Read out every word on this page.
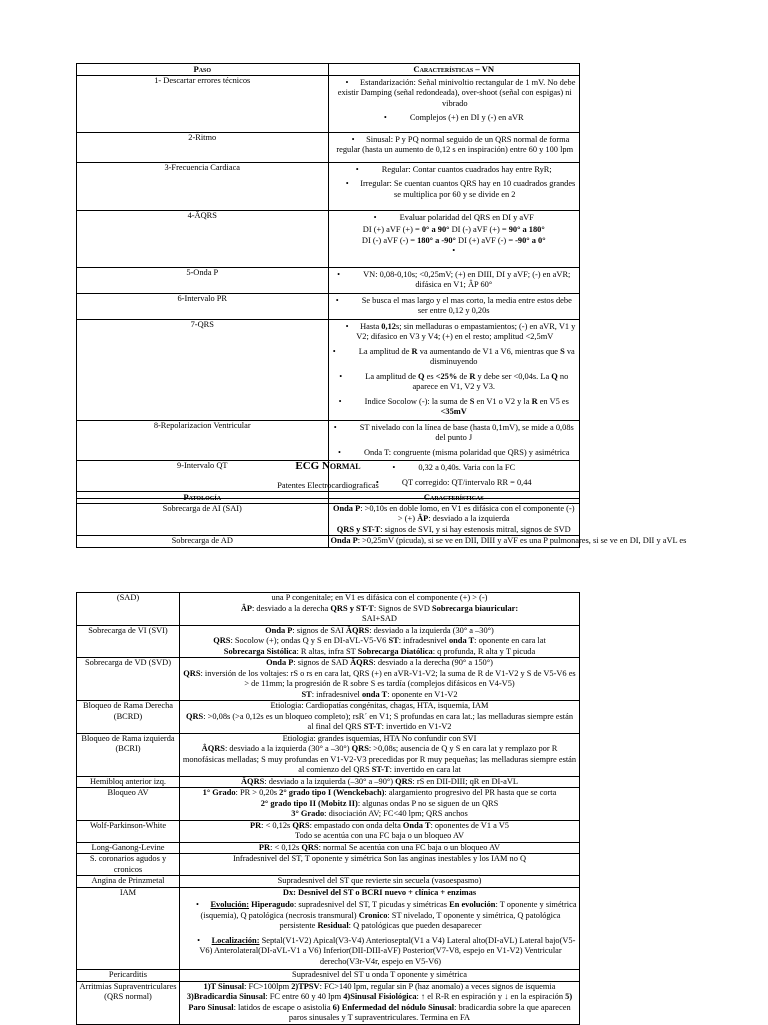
Paso	Características – VN
1- Descartar errores técnicos	• Estandarización: Señal minivoltio rectangular de 1 mV. No debe existir Damping (señal redondeada), over-shoot (señal con espigas) ni vibrado
• Complejos (+) en DI y (-) en aVR

2-Ritmo	• Sinusal: P y PQ normal seguido de un QRS normal de forma regular (hasta un aumento de 0,12 s en inspiración) entre 60 y 100 lpm

3-Frecuencia Cardiaca	• Regular: Contar cuantos cuadrados hay entre RyR;
• Irregular: Se cuentan cuantos QRS hay en 10 cuadrados grandes se multiplica por 60 y se divide en 2

4-ÂQRS	• Evaluar polaridad del QRS en DI y aVF
DI (+) aVF (+) = 0° a 90° DI (-) aVF (+) = 90° a 180°
DI (-) aVF (-) = 180° a -90° DI (+) aVF (-) = -90° a 0°
•

5-Onda P	• VN: 0,08-0,10s; <0,25mV; (+) en DIII, DI y aVF; (-) en aVR; difásica en V1; ÂP 60°

6-Intervalo PR	• Se busca el mas largo y el mas corto, la media entre estos debe ser entre 0,12 y 0,20s

7-QRS	• Hasta 0,12s; sin melladuras o empastamientos; (-) en aVR, V1 y V2; difasico en V3 y V4; (+) en el resto; amplitud <2,5mV
• La amplitud de R va aumentando de V1 a V6, mientras que S va disminuyendo
• La amplitud de Q es <25% de R y debe ser <0,04s. La Q no aparece en V1, V2 y V3.
• Indice Socolow (-): la suma de S en V1 o V2 y la R en V5 es <35mV

8-Repolarizacion Ventricular	• ST nivelado con la línea de base (hasta 0,1mV), se mide a 0,08s del punto J
• Onda T: congruente (misma polaridad que QRS) y asimétrica

9-Intervalo QT	• 0,32 a 0,40s. Varia con la FC
• QT corregido: QT/intervalo RR = 0,44
ECG Normal
Patentes Electrocardiograficas
Patología	Características
Sobrecarga de AI (SAI)	Onda P: >0,10s en doble lomo, en V1 es difásica con el componente (-) > (+) ÂP: desviado a la izquierda
QRS y ST-T: signos de SVI, y si hay estenosis mitral, signos de SVD
Sobrecarga de AD	Onda P: >0,25mV (picuda), si se ve en DII, DIII y aVF es una P pulmonares, si se ve en DI, DII y aVL es
(SAD)	una P congenitale; en V1 es difásica con el componente (+) > (-)
ÂP: desviado a la derecha QRS y ST-T: Signos de SVD Sobrecarga biauricular:
SAI+SAD
Sobrecarga de VI (SVI)	Onda P: signos de SAI ÂQRS: desviado a la izquierda (30° a –30°)
QRS: Socolow (+); ondas Q y S en DI-aVL-V5-V6 ST: infradesnivel onda T: oponente en cara lat
Sobrecarga Sistólica: R altas, infra ST Sobrecarga Diatólica: q profunda, R alta y T picuda
Sobrecarga de VD (SVD)	Onda P: signos de SAD ÂQRS: desviado a la derecha (90° a 150°)
QRS: inversión de los voltajes: rS o rs en cara lat, QRS (+) en aVR-V1-V2; la suma de R de V1-V2 y S de V5-V6 es > de 11mm; la progresión de R sobre S es tardía (complejos difásicos en V4-V5)
ST: infradesnivel onda T: oponente en V1-V2
Bloqueo de Rama Derecha (BCRD)	Etiologia: Cardiopatías congénitas, chagas, HTA, isquemia, IAM
QRS: >0,08s (>a 0,12s es un bloqueo completo); rsR´ en V1; S profundas en cara lat.; las melladuras siempre están al final del QRS ST-T: invertido en V1-V2
Bloqueo de Rama izquierda (BCRI)	Etiologia: grandes isquemias, HTA No confundir con SVI
ÂQRS: desviado a la izquierda (30° a –30°) QRS: >0,08s; ausencia de Q y S en cara lat y remplazo por R monofásicas melladas; S muy profundas en V1-V2-V3 precedidas por R muy pequeñas; las melladuras siempre están al comienzo del QRS ST-T: invertido en cara lat
Hemibloq anterior izq.	ÂQRS: desviado a la izquierda (–30° a –90°) QRS: rS en DII-DIII; qR en DI-aVL
Bloqueo AV	1° Grado: PR > 0,20s 2° grado tipo I (Wenckebach): alargamiento progresivo del PR hasta que se corta
2° grado tipo II (Mobitz II): algunas ondas P no se siguen de un QRS
3° Grado: disociación AV; FC<40 lpm; QRS anchos
Wolf-Parkinson-White	PR: < 0,12s QRS: empastado con onda delta Onda T: oponentes de V1 a V5
Todo se acentúa con una FC baja o un bloqueo AV
Long-Ganong-Levine	PR: < 0,12s QRS: normal Se acentúa con una FC baja o un bloqueo AV
S. coronarios agudos y cronicos	Infradesnivel del ST, T oponente y simétrica Son las anginas inestables y los IAM no Q
Angina de Prinzmetal	Supradesnivel del ST que revierte sin secuela (vasoespasmo)
IAM	Dx: Desnivel del ST o BCRI nuevo + clínica + enzimas
• Evolución: Hiperagudo: supradesnivel del ST, T picudas y simétricas En evolución: T oponente y simétrica (isquemia), Q patológica (necrosis transmural) Cronico: ST nivelado, T oponente y simétrica, Q patológica persistente Residual: Q patológicas que pueden desaparecer
• Localización: Septal(V1-V2) Apical(V3-V4) Anterioseptal(V1 a V4) Lateral alto(DI-aVL) Lateral bajo(V5-V6) Anterolateral(DI-aVL-V1 a V6) Inferior(DII-DIII-aVF) Posterior(V7-V8, espejo en V1-V2) Ventricular derecho(V3r-V4r, espejo en V5-V6)

Pericarditis	Supradesnivel del ST u onda T oponente y simétrica
Arritmias Supraventriculares (QRS normal)	1)T Sinusal: FC>100lpm 2)TPSV: FC>140 lpm, regular sin P (haz anomalo) a veces signos de isquemia 3)Bradicardia Sinusal: FC entre 60 y 40 lpm 4)Sinusal Fisiológica: ↑ el R-R en espiración y ↓ en la espiración 5) Paro Sinusal: latidos de escape o asistolia 6) Enfermedad del nódulo Sinusal: bradicardia sobre la que aparecen paros sinusales y T supraventriculares. Termina en FA
